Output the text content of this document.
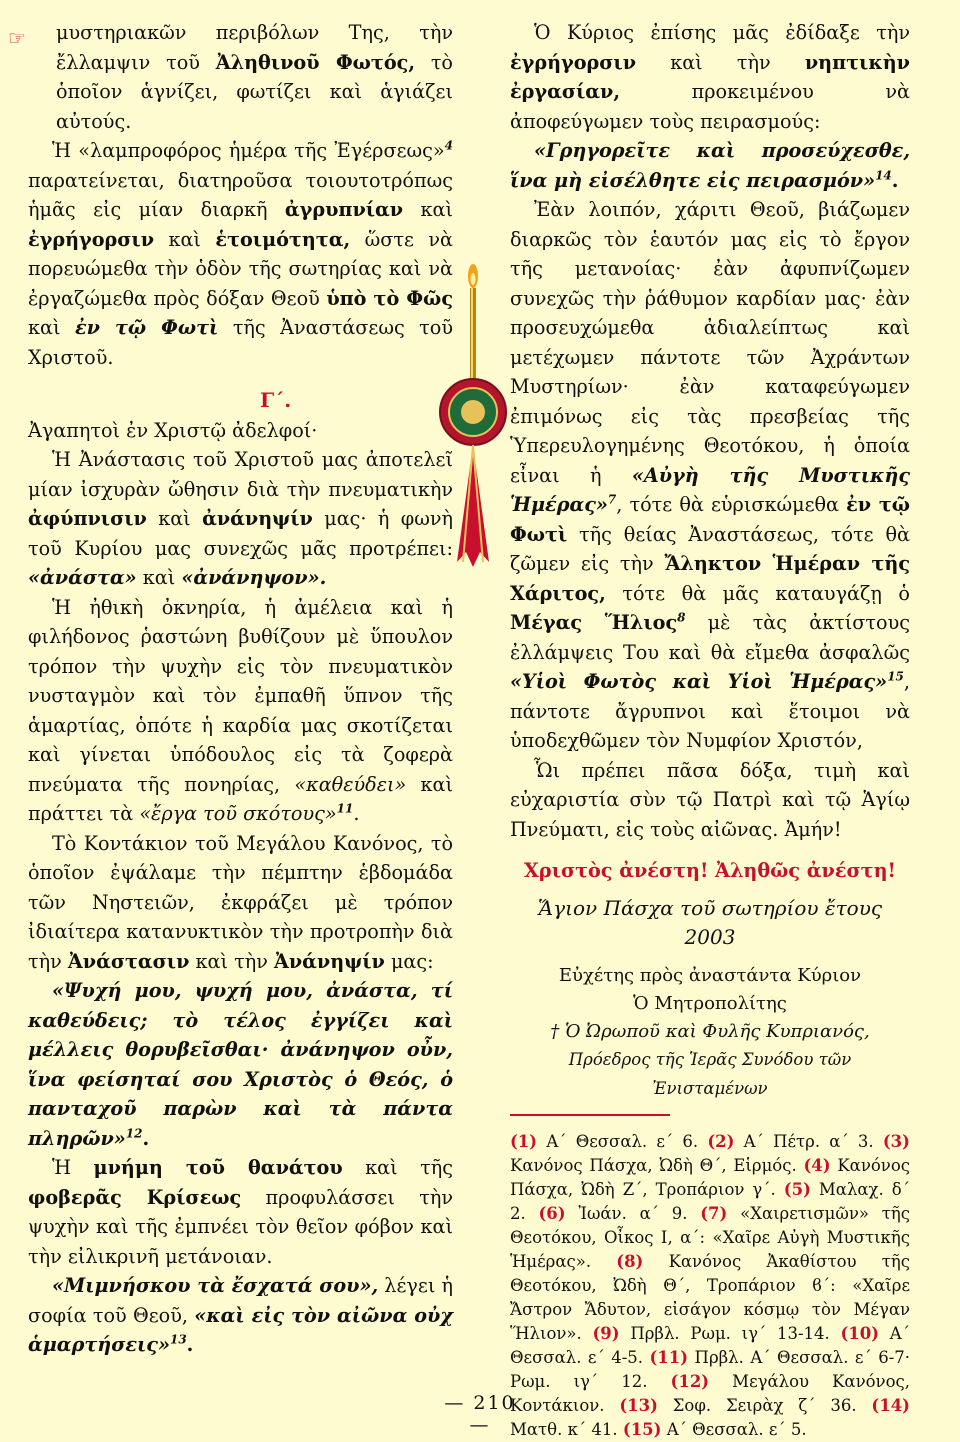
☞	μυστηριακῶν περιβόλων Της, τὴν ἔλλαμψιν τοῦ Ἀληθινοῦ Φωτός, τὸ ὁποῖον ἁγνίζει, φωτίζει καὶ ἁγιάζει αὐτούς.

Ἡ «λαμπροφόρος ἡμέρα τῆς Ἐγέρσεως»$^4$ παρατείνεται, διατηροῦσα τοιουτοτρόπως ἡμᾶς εἰς μίαν διαρκῆ ἀγρυπνίαν καὶ ἐγρήγορσιν καὶ ἑτοιμότητα, ὥστε νὰ πορευώμεθα τὴν ὁδὸν τῆς σωτηρίας καὶ νὰ ἐργαζώμεθα πρὸς δόξαν Θεοῦ ὑπὸ τὸ Φῶς καὶ ἐν τῷ Φωτὶ τῆς Ἀναστάσεως τοῦ Χριστοῦ.

Γ΄.

Ἀγαπητοὶ ἐν Χριστῷ ἀδελφοί·

Ἡ Ἀνάστασις τοῦ Χριστοῦ μας ἀποτελεῖ μίαν ἰσχυρὰν ὤθησιν διὰ τὴν πνευματικὴν ἀφύπνισιν καὶ ἀνάνηψίν μας· ἡ φωνὴ τοῦ Κυρίου μας συνεχῶς μᾶς προτρέπει: «ἀνάστα» καὶ «ἀνάνηψον».

Ἡ ἠθικὴ ὀκνηρία, ἡ ἀμέλεια καὶ ἡ φιλήδονος ῥαστώνη βυθίζουν μὲ ὕπουλον τρόπον τὴν ψυχὴν εἰς τὸν πνευματικὸν νυσταγμὸν καὶ τὸν ἐμπαθῆ ὕπνον τῆς ἁμαρτίας, ὁπότε ἡ καρδία μας σκοτίζεται καὶ γίνεται ὑπόδουλος εἰς τὰ ζοφερὰ πνεύματα τῆς πονηρίας, «καθεύδει» καὶ πράττει τὰ «ἔργα τοῦ σκότους»$^{11}$.

Τὸ Κοντάκιον τοῦ Μεγάλου Κανόνος, τὸ ὁποῖον ἐψάλαμε τὴν πέμπτην ἑβδομάδα τῶν Νηστειῶν, ἐκφράζει μὲ τρόπον ἰδιαίτερα κατανυκτικὸν τὴν προτροπὴν διὰ τὴν Ἀνάστασιν καὶ τὴν Ἀνάνηψίν μας:

«Ψυχή μου, ψυχή μου, ἀνάστα, τί καθεύδεις; τὸ τέλος ἐγγίζει καὶ μέλλεις θορυβεῖσθαι· ἀνάνηψον οὖν, ἵνα φείσηταί σου Χριστὸς ὁ Θεός, ὁ πανταχοῦ παρὼν καὶ τὰ πάντα πληρῶν»$^{12}$.

Ἡ μνήμη τοῦ θανάτου καὶ τῆς φοβερᾶς Κρίσεως προφυλάσσει τὴν ψυχὴν καὶ τῆς ἐμπνέει τὸν θεῖον φόβον καὶ τὴν εἰλικρινῆ μετάνοιαν.

«Μιμνήσκου τὰ ἔσχατά σου», λέγει ἡ σοφία τοῦ Θεοῦ, «καὶ εἰς τὸν αἰῶνα οὐχ ἁμαρτήσεις»$^{13}$.

Ὁ Κύριος ἐπίσης μᾶς ἐδίδαξε τὴν ἐγρήγορσιν καὶ τὴν νηπτικὴν ἐργασίαν, προκειμένου νὰ ἀποφεύγωμεν τοὺς πειρασμούς:

«Γρηγορεῖτε καὶ προσεύχεσθε, ἵνα μὴ εἰσέλθητε εἰς πειρασμόν»$^{14}$.

Ἐὰν λοιπόν, χάριτι Θεοῦ, βιάζωμεν διαρκῶς τὸν ἑαυτόν μας εἰς τὸ ἔργον τῆς μετανοίας· ἐὰν ἀφυπνίζωμεν συνεχῶς τὴν ῥάθυμον καρδίαν μας· ἐὰν προσευχώμεθα ἀδιαλείπτως καὶ μετέχωμεν πάντοτε τῶν Ἀχράντων Μυστηρίων· ἐὰν καταφεύγωμεν ἐπιμόνως εἰς τὰς πρεσβείας τῆς Ὑπερευλογημένης Θεοτόκου, ἡ ὁποία εἶναι ἡ «Αὐγὴ τῆς Μυστικῆς Ἡμέρας»$^7$, τότε θὰ εὑρισκώμεθα ἐν τῷ Φωτὶ τῆς θείας Ἀναστάσεως, τότε θὰ ζῶμεν εἰς τὴν Ἄληκτον Ἡμέραν τῆς Χάριτος, τότε θὰ μᾶς καταυγάζῃ ὁ Μέγας Ἥλιος$^8$ μὲ τὰς ἀκτίστους ἐλλάμψεις Του καὶ θὰ εἴμεθα ἀσφαλῶς «Υἱοὶ Φωτὸς καὶ Υἱοὶ Ἡμέρας»$^{15}$, πάντοτε ἄγρυπνοι καὶ ἕτοιμοι νὰ ὑποδεχθῶμεν τὸν Νυμφίον Χριστόν,

Ὧι πρέπει πᾶσα δόξα, τιμὴ καὶ εὐχαριστία σὺν τῷ Πατρὶ καὶ τῷ Ἁγίῳ Πνεύματι, εἰς τοὺς αἰῶνας. Ἀμήν!

Χριστὸς ἀνέστη! Ἀληθῶς ἀνέστη!
Ἅγιον Πάσχα τοῦ σωτηρίου ἔτους 2003
Εὐχέτης πρὸς ἀναστάντα Κύριον
Ὁ Μητροπολίτης
† Ὁ Ὠρωποῦ καὶ Φυλῆς Κυπριανός,
Πρόεδρος τῆς Ἱερᾶς Συνόδου τῶν Ἐνισταμένων
(1) Α΄ Θεσσαλ. ε΄ 6. (2) Α΄ Πέτρ. α΄ 3. (3) Κανόνος Πάσχα, Ὠδὴ Θ΄, Εἱρμός. (4) Κανόνος Πάσχα, Ὠδὴ Ζ΄, Τροπάριον γ΄. (5) Μαλαχ. δ΄ 2. (6) Ἰωάν. α΄ 9. (7) «Χαιρετισμῶν» τῆς Θεοτόκου, Οἶκος Ι, α΄: «Χαῖρε Αὐγὴ Μυστικῆς Ἡμέρας». (8) Κανόνος Ἀκαθίστου τῆς Θεοτόκου, Ὠδὴ Θ΄, Τροπάριον ϐ΄: «Χαῖρε Ἄστρον Ἄδυτον, εἰσάγον κόσμῳ τὸν Μέγαν Ἥλιον». (9) Πρβλ. Ρωμ. ιγ΄ 13-14. (10) Α΄ Θεσσαλ. ε΄ 4-5. (11) Πρβλ. Α΄ Θεσσαλ. ε΄ 6-7· Ρωμ. ιγ΄ 12. (12) Μεγάλου Κανόνος, Κοντάκιον. (13) Σοφ. Σειρὰχ ζ΄ 36. (14) Ματθ. κ΄ 41. (15) Α΄ Θεσσαλ. ε΄ 5.
— 210 —
